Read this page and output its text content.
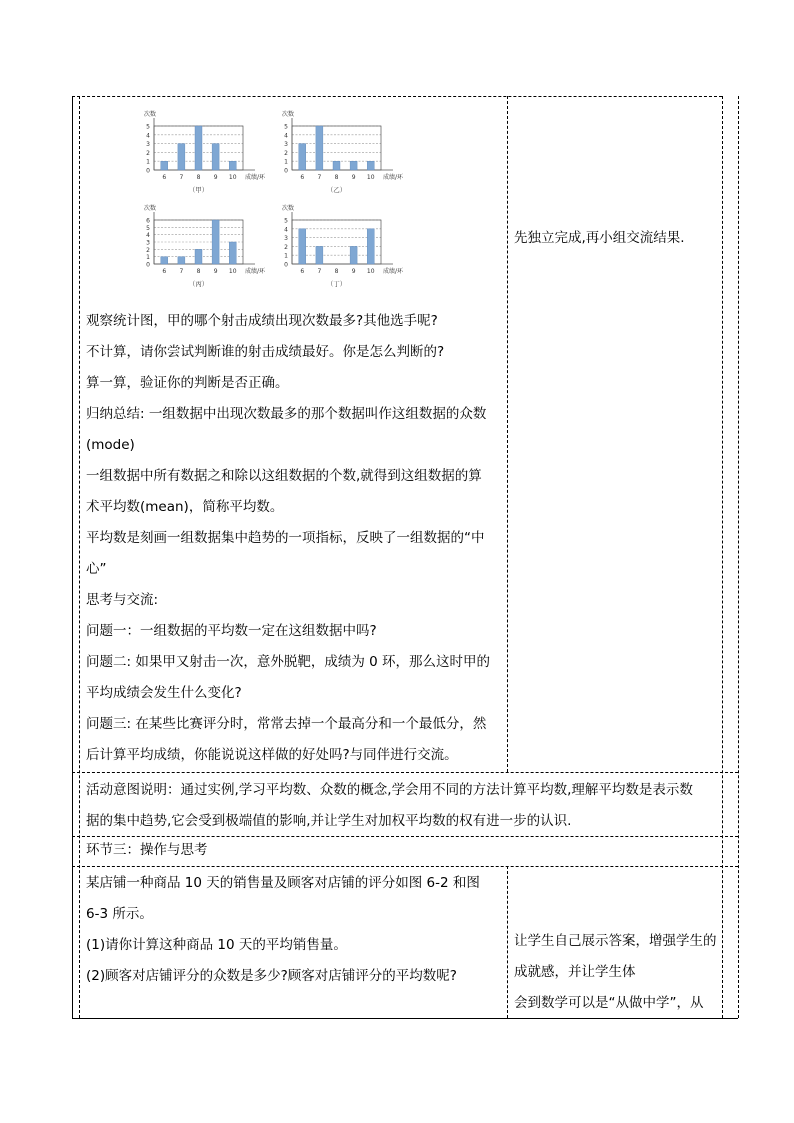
0
1
2
3
4
5
次数
6 7 8 9 10 成绩/环
（甲）
0
1
2
3
4
5
次数
6 7 8 9 10 成绩/环
（乙）
0
1
2
3
4
5
6
次数
6 7 8 9 10 成绩/环
（丙）
0
1
2
3
4
5
次数
6 7 8 9 10 成绩/环
（丁）
观察统计图，甲的哪个射击成绩出现次数最多?其他选手呢?
不计算，请你尝试判断谁的射击成绩最好。你是怎么判断的?
算一算，验证你的判断是否正确。
归纳总结: 一组数据中出现次数最多的那个数据叫作这组数据的众数
(mode)
一组数据中所有数据之和除以这组数据的个数,就得到这组数据的算
术平均数(mean)，简称平均数。
平均数是刻画一组数据集中趋势的一项指标，反映了一组数据的“中
心”
思考与交流:
问题一：一组数据的平均数一定在这组数据中吗?
问题二: 如果甲又射击一次，意外脱靶，成绩为 0 环，那么这时甲的
平均成绩会发生什么变化?
问题三: 在某些比赛评分时，常常去掉一个最高分和一个最低分，然
后计算平均成绩，你能说说这样做的好处吗?与同伴进行交流。
先独立完成,再小组交流结果.
活动意图说明：通过实例,学习平均数、众数的概念,学会用不同的方法计算平均数,理解平均数是表示数
据的集中趋势,它会受到极端值的影响,并让学生对加权平均数的权有进一步的认识.
环节三：操作与思考
某店铺一种商品 10 天的销售量及顾客对店铺的评分如图 6-2 和图
6-3 所示。
(1)请你计算这种商品 10 天的平均销售量。
(2)顾客对店铺评分的众数是多少?顾客对店铺评分的平均数呢?
让学生自己展示答案，增强学生的
成就感，并让学生体
会到数学可以是“从做中学”，从
